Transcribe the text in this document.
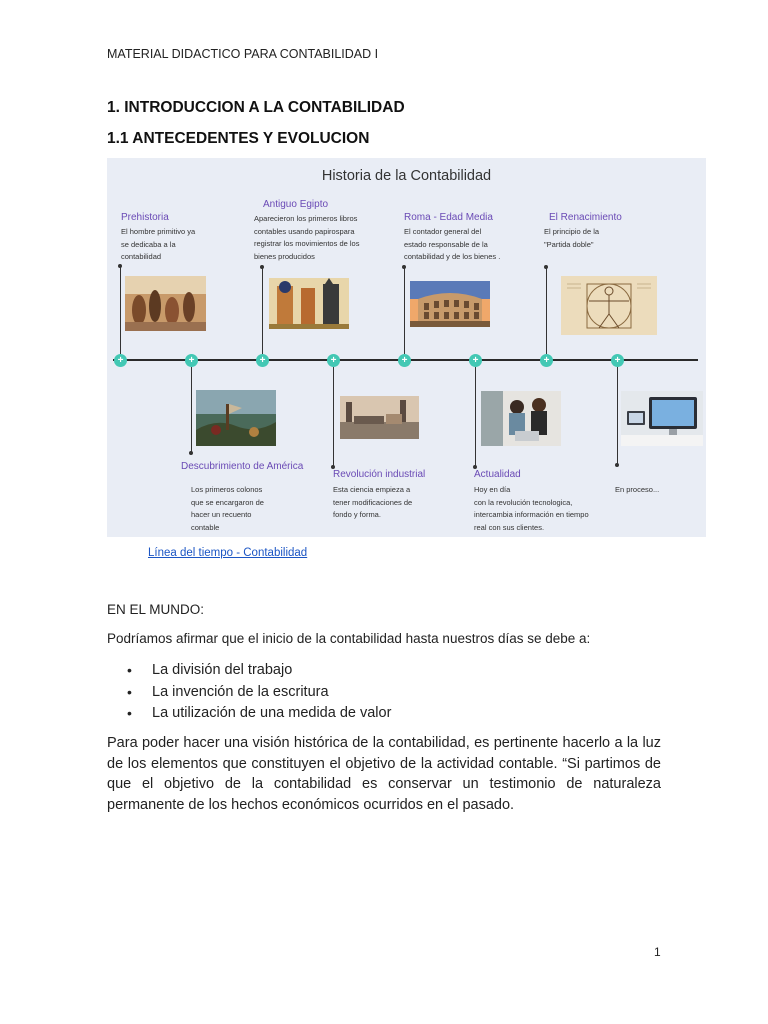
MATERIAL DIDACTICO PARA CONTABILIDAD I
1. INTRODUCCION A LA CONTABILIDAD
1.1 ANTECEDENTES Y EVOLUCION
Historia de la Contabilidad
+	+	+	+	+	+	+	+
Prehistoria
El hombre primitivo ya
se dedicaba a la
contabilidad
Descubrimiento de América
Los primeros colonos
que se encargaron de
hacer un recuento
contable
Antiguo Egipto
Aparecieron los primeros libros
contables usando papirospara
registrar los movimientos de los
bienes producidos
Revolución industrial
Esta ciencia empieza a
tener modificaciones de
fondo y forma.
Roma - Edad Media
El contador general del
estado responsable de la
contabilidad y de los bienes .
Actualidad
Hoy en día
con la revolución tecnologica,
intercambia información en tiempo
real con sus clientes.
El Renacimiento
El principio de la
"Partida doble"
En proceso...
Línea del tiempo - Contabilidad
EN EL MUNDO:
Podríamos afirmar que el inicio de la contabilidad hasta nuestros días se debe a:
• La división del trabajo
• La invención de la escritura
• La utilización de una medida de valor
Para poder hacer una visión histórica de la contabilidad, es pertinente hacerlo a la luz de los elementos que constituyen el objetivo de la actividad contable. “Si partimos de que el objetivo de la contabilidad es conservar un testimonio de naturaleza permanente de los hechos económicos ocurridos en el pasado.
1
